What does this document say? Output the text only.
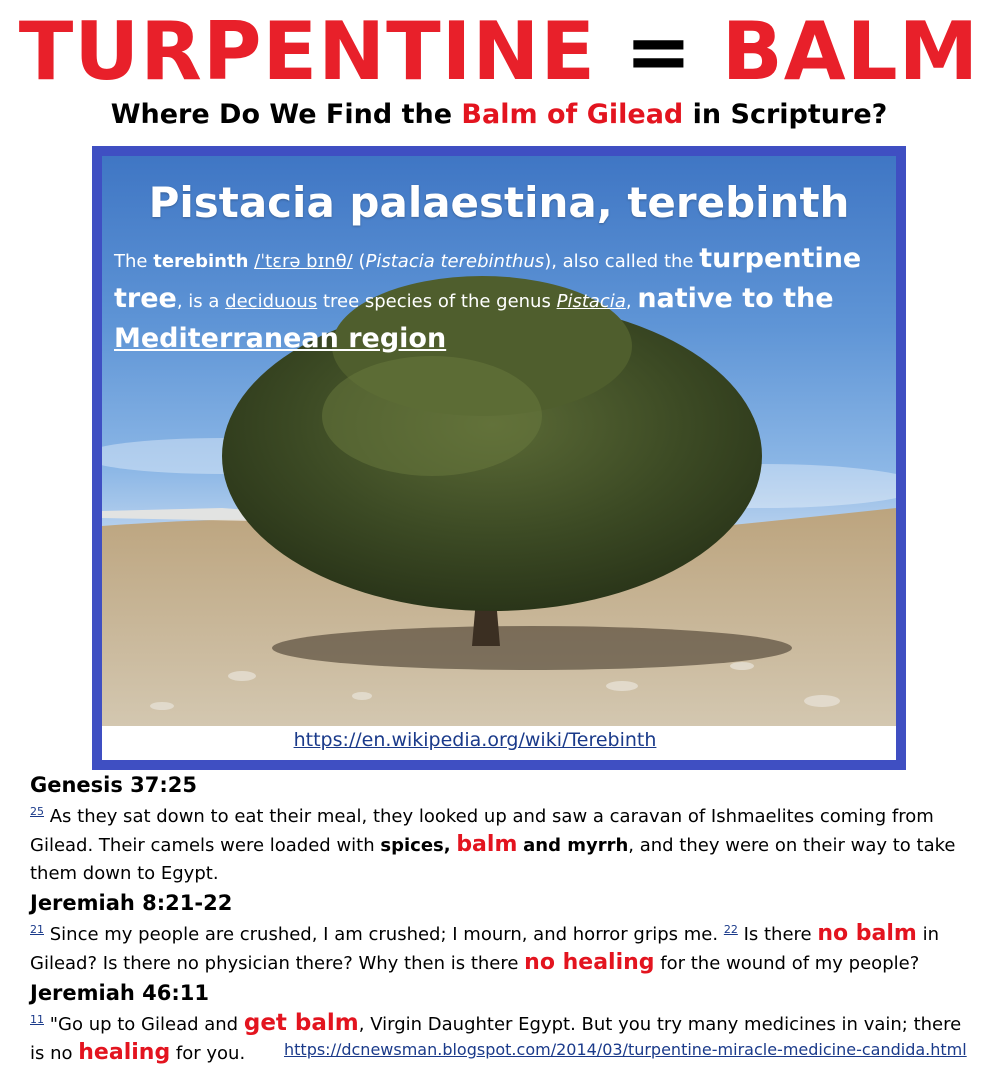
TURPENTINE = BALM
Where Do We Find the Balm of Gilead in Scripture?
Pistacia palaestina, terebinth
The terebinth /ˈtɛrə bɪnθ/ (Pistacia terebinthus), also called the turpentine tree, is a deciduous tree species of the genus Pistacia, native to the
Mediterranean region
https://en.wikipedia.org/wiki/Terebinth

Genesis 37:25

$^{25}$ As they sat down to eat their meal, they looked up and saw a caravan of Ishmaelites coming from Gilead. Their camels were loaded with spices, balm and myrrh, and they were on their way to take them down to Egypt.

Jeremiah 8:21-22

$^{21}$ Since my people are crushed, I am crushed; I mourn, and horror grips me. $^{22}$ Is there no balm in Gilead? Is there no physician there? Why then is there no healing for the wound of my people?

Jeremiah 46:11

$^{11}$ "Go up to Gilead and get balm, Virgin Daughter Egypt. But you try many medicines in vain; there is no healing for you.	https://dcnewsman.blogspot.com/2014/03/turpentine-miracle-medicine-candida.html
